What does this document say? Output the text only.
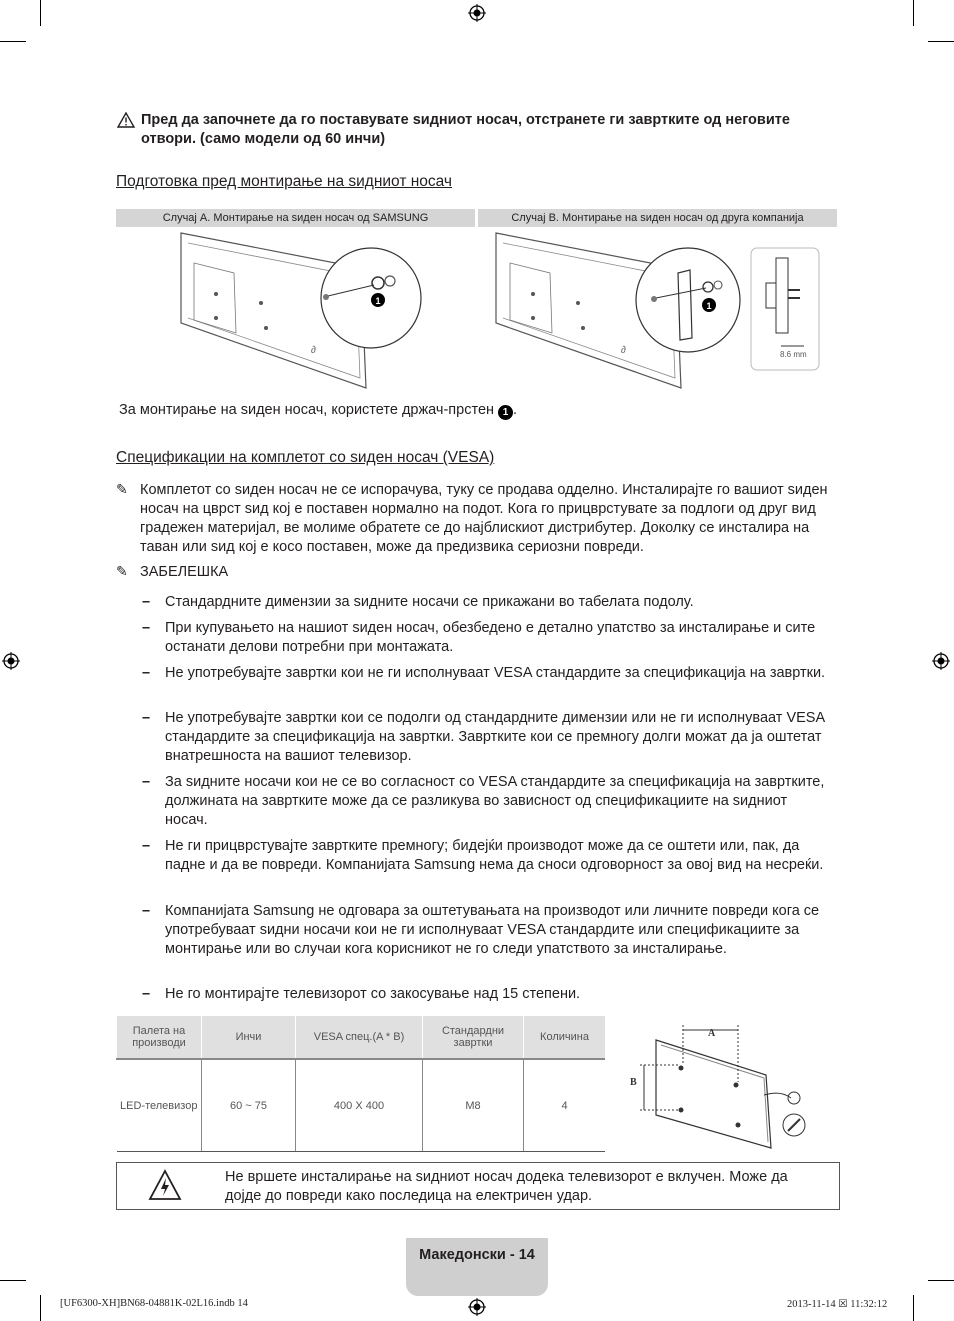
Пред да започнете да го поставувате ѕидниот носач, отстранете ги завртките од неговите отвори. (само модели од 60 инчи)
Подготовка пред монтирање на ѕидниот носач
Случај A. Монтирање на ѕиден носач од SAMSUNG	Случај B. Монтирање на ѕиден носач од друга компанија
∂
1
∂
1
8.6 mm
За монтирање на ѕиден носач, користете држач-прстен 1 .
Спецификации на комплетот со ѕиден носач (VESA)
✎ Комплетот со ѕиден носач не се испорачува, туку се продава одделно. Инсталирајте го вашиот ѕиден носач на цврст ѕид кој е поставен нормално на подот. Кога го прицврстувате за подлоги од друг вид градежен материјал, ве молиме обратете се до најблискиот дистрибутер. Доколку се инсталира на таван или ѕид кој е косо поставен, може да предизвика сериозни повреди.
✎ ЗАБЕЛЕШКА
– Стандардните димензии за ѕидните носачи се прикажани во табелата подолу.
– При купувањето на нашиот ѕиден носач, обезбедено е детално упатство за инсталирање и сите останати делови потребни при монтажата.
– Не употребувајте завртки кои не ги исполнуваат VESA стандардите за спецификација на завртки.
– Не употребувајте завртки кои се подолги од стандардните димензии или не ги исполнуваат VESA стандардите за спецификација на завртки. Завртките кои се премногу долги можат да ја оштетат внатрешноста на вашиот телевизор.
– За ѕидните носачи кои не се во согласност со VESA стандардите за спецификација на завртките, должината на завртките може да се разликува во зависност од спецификациите на ѕидниот носач.
– Не ги прицврстувајте завртките премногу; бидејќи производот може да се оштети или, пак, да падне и да ве повреди. Компанијата Samsung нема да сноси одговорност за овој вид на несреќи.
– Компанијата Samsung не одговара за оштетувањата на производот или личните повреди кога се употребуваат ѕидни носачи кои не ги исполнуваат VESA стандардите или спецификациите за монтирање или во случаи кога корисникот не го следи упатството за инсталирање.
– Не го монтирајте телевизорот со закосување над 15 степени.
Палета на производи	Инчи	VESA спец.(A * B)	Стандардни завртки	Количина
LED-телевизор	60 ~ 75	400 X 400	M8	4
A
B
Не вршете инсталирање на ѕидниот носач додека телевизорот е вклучен. Може да дојде до повреди како последица на електричен удар.
Македонски - 14
[UF6300-XH]BN68-04881K-02L16.indb 14	2013-11-14 ﻿☒ 11:32:12
